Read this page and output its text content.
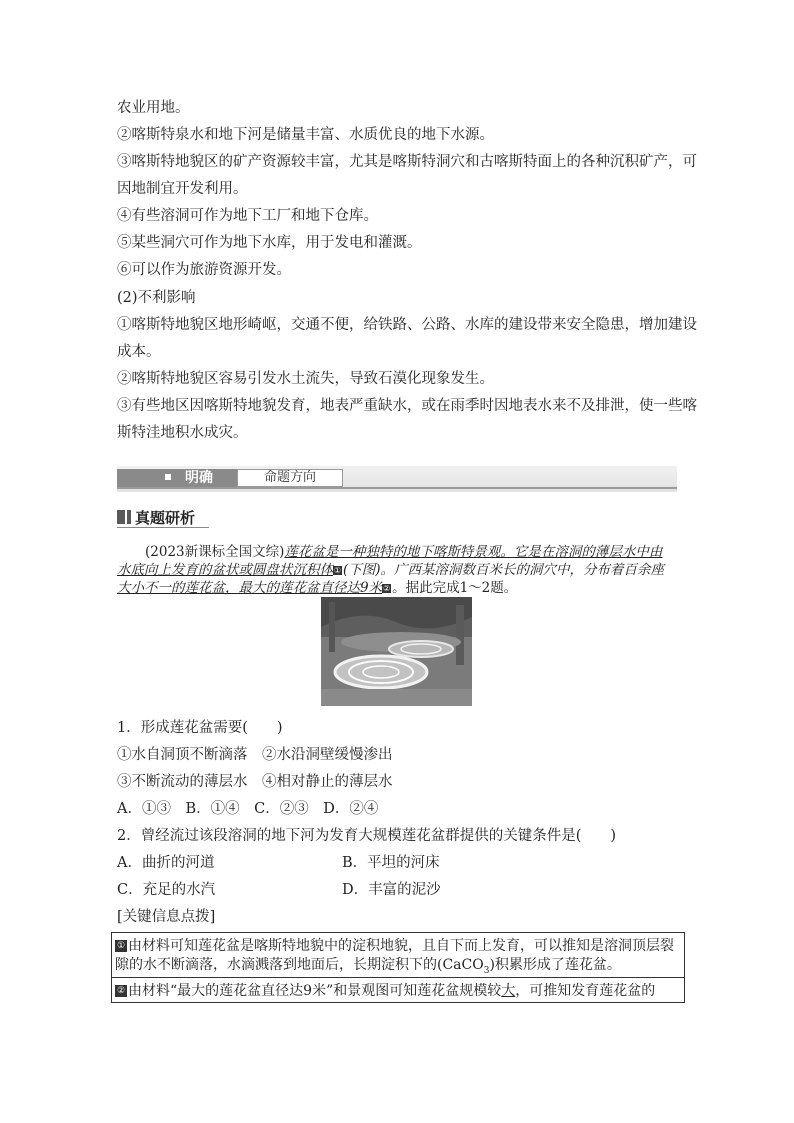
农业用地。
②喀斯特泉水和地下河是储量丰富、水质优良的地下水源。
③喀斯特地貌区的矿产资源较丰富，尤其是喀斯特洞穴和古喀斯特面上的各种沉积矿产，可
因地制宜开发利用。
④有些溶洞可作为地下工厂和地下仓库。
⑤某些洞穴可作为地下水库，用于发电和灌溉。
⑥可以作为旅游资源开发。
(2)不利影响
①喀斯特地貌区地形崎岖，交通不便，给铁路、公路、水库的建设带来安全隐患，增加建设
成本。
②喀斯特地貌区容易引发水土流失，导致石漠化现象发生。
③有些地区因喀斯特地貌发育，地表严重缺水，或在雨季时因地表水来不及排泄，使一些喀
斯特洼地积水成灾。
明确	命题方向
真题研析
(2023新课标全国文综)莲花盆是一种独特的地下喀斯特景观。它是在溶洞的薄层水中由
水底向上发育的盆状或圆盘状沉积体① (下图)。广西某溶洞数百米长的洞穴中，分布着百余座
大小不一的莲花盆，最大的莲花盆直径达9米② 。据此完成1～2题。
1．形成莲花盆需要(　　)
①水自洞顶不断滴落　②水沿洞壁缓慢渗出
③不断流动的薄层水　④相对静止的薄层水
A．①③　B．①④　C．②③　D．②④
2．曾经流过该段溶洞的地下河为发育大规模莲花盆群提供的关键条件是(　　)
A．曲折的河道	B．平坦的河床
C．充足的水汽	D．丰富的泥沙
[关键信息点拨]
① 由材料可知莲花盆是喀斯特地貌中的淀积地貌，且自下而上发育，可以推知是溶洞顶层裂
隙的水不断滴落，水滴溅落到地面后，长期淀积下的(CaCO$_3$)积累形成了莲花盆。
② 由材料“最大的莲花盆直径达9米”和景观图可知莲花盆规模较大，可推知发育莲花盆的
